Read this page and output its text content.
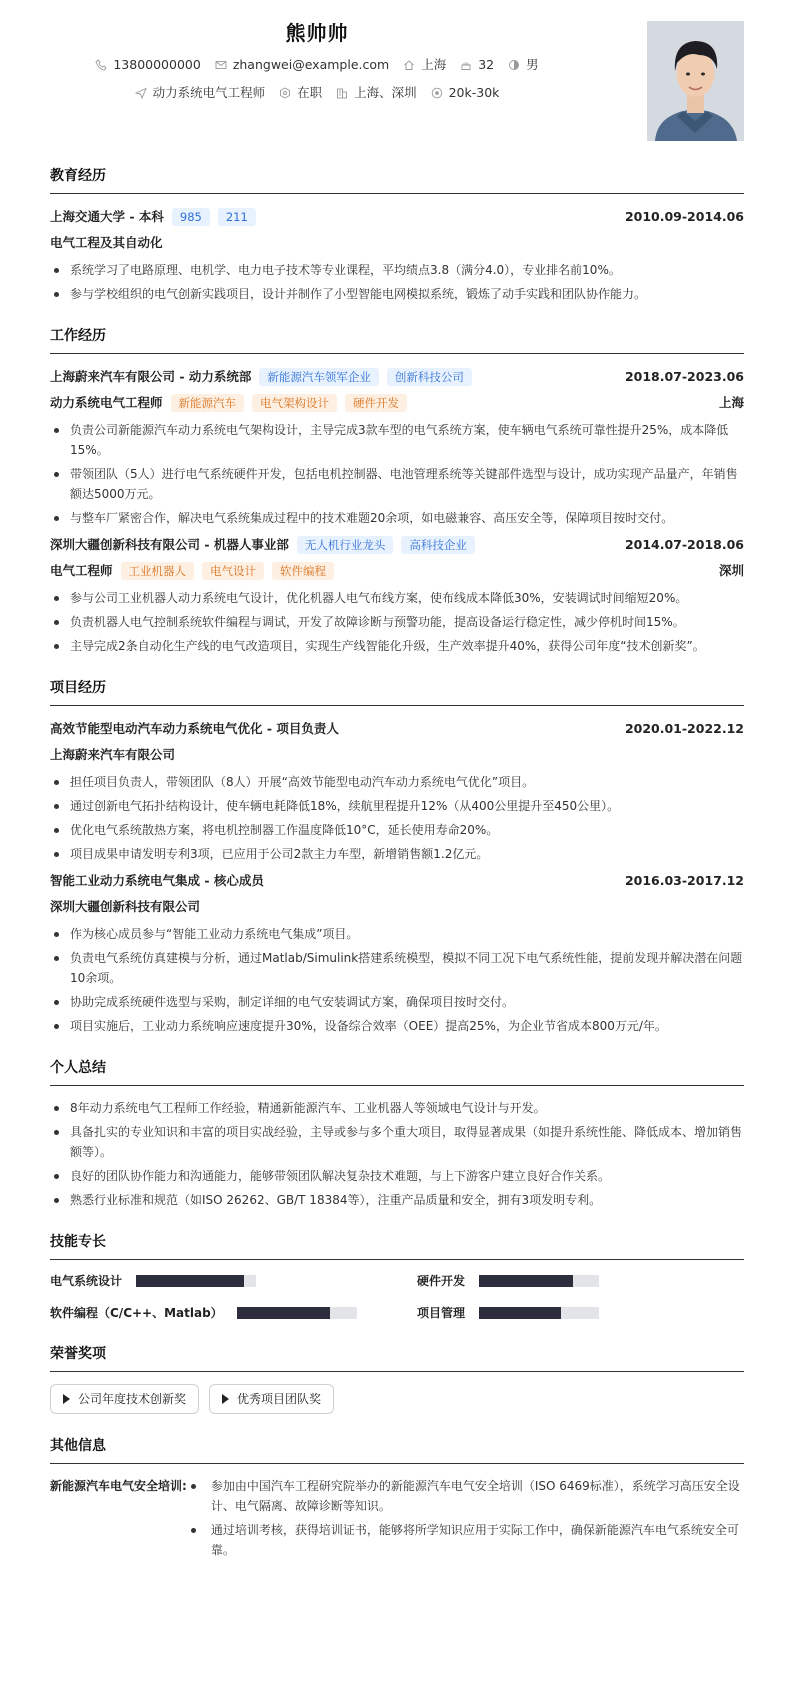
熊帅帅
13800000000	zhangwei@example.com	上海	32	男
动力系统电气工程师	在职	上海、深圳	20k-30k
教育经历
上海交通大学 - 本科	985	211	2010.09-2014.06
电气工程及其自动化
系统学习了电路原理、电机学、电力电子技术等专业课程，平均绩点3.8（满分4.0），专业排名前10%。
参与学校组织的电气创新实践项目，设计并制作了小型智能电网模拟系统，锻炼了动手实践和团队协作能力。
工作经历
上海蔚来汽车有限公司 - 动力系统部	新能源汽车领军企业	创新科技公司	2018.07-2023.06
动力系统电气工程师	新能源汽车	电气架构设计	硬件开发	上海
负责公司新能源汽车动力系统电气架构设计，主导完成3款车型的电气系统方案，使车辆电气系统可靠性提升25%，成本降低15%。
带领团队（5人）进行电气系统硬件开发，包括电机控制器、电池管理系统等关键部件选型与设计，成功实现产品量产，年销售额达5000万元。
与整车厂紧密合作，解决电气系统集成过程中的技术难题20余项，如电磁兼容、高压安全等，保障项目按时交付。
深圳大疆创新科技有限公司 - 机器人事业部	无人机行业龙头	高科技企业	2014.07-2018.06
电气工程师	工业机器人	电气设计	软件编程	深圳
参与公司工业机器人动力系统电气设计，优化机器人电气布线方案，使布线成本降低30%，安装调试时间缩短20%。
负责机器人电气控制系统软件编程与调试，开发了故障诊断与预警功能，提高设备运行稳定性，减少停机时间15%。
主导完成2条自动化生产线的电气改造项目，实现生产线智能化升级，生产效率提升40%，获得公司年度“技术创新奖”。
项目经历
高效节能型电动汽车动力系统电气优化 - 项目负责人	2020.01-2022.12
上海蔚来汽车有限公司
担任项目负责人，带领团队（8人）开展“高效节能型电动汽车动力系统电气优化”项目。
通过创新电气拓扑结构设计，使车辆电耗降低18%，续航里程提升12%（从400公里提升至450公里）。
优化电气系统散热方案，将电机控制器工作温度降低10°C，延长使用寿命20%。
项目成果申请发明专利3项，已应用于公司2款主力车型，新增销售额1.2亿元。
智能工业动力系统电气集成 - 核心成员	2016.03-2017.12
深圳大疆创新科技有限公司
作为核心成员参与“智能工业动力系统电气集成”项目。
负责电气系统仿真建模与分析，通过Matlab/Simulink搭建系统模型，模拟不同工况下电气系统性能，提前发现并解决潜在问题10余项。
协助完成系统硬件选型与采购，制定详细的电气安装调试方案，确保项目按时交付。
项目实施后，工业动力系统响应速度提升30%，设备综合效率（OEE）提高25%，为企业节省成本800万元/年。
个人总结
8年动力系统电气工程师工作经验，精通新能源汽车、工业机器人等领域电气设计与开发。
具备扎实的专业知识和丰富的项目实战经验，主导或参与多个重大项目，取得显著成果（如提升系统性能、降低成本、增加销售额等）。
良好的团队协作能力和沟通能力，能够带领团队解决复杂技术难题，与上下游客户建立良好合作关系。
熟悉行业标准和规范（如ISO 26262、GB/T 18384等），注重产品质量和安全，拥有3项发明专利。
技能专长
电气系统设计	硬件开发
软件编程（C/C++、Matlab）	项目管理
荣誉奖项
公司年度技术创新奖	优秀项目团队奖
其他信息
新能源汽车电气安全培训:	参加由中国汽车工程研究院举办的新能源汽车电气安全培训（ISO 6469标准），系统学习高压安全设计、电气隔离、故障诊断等知识。
通过培训考核，获得培训证书，能够将所学知识应用于实际工作中，确保新能源汽车电气系统安全可靠。
